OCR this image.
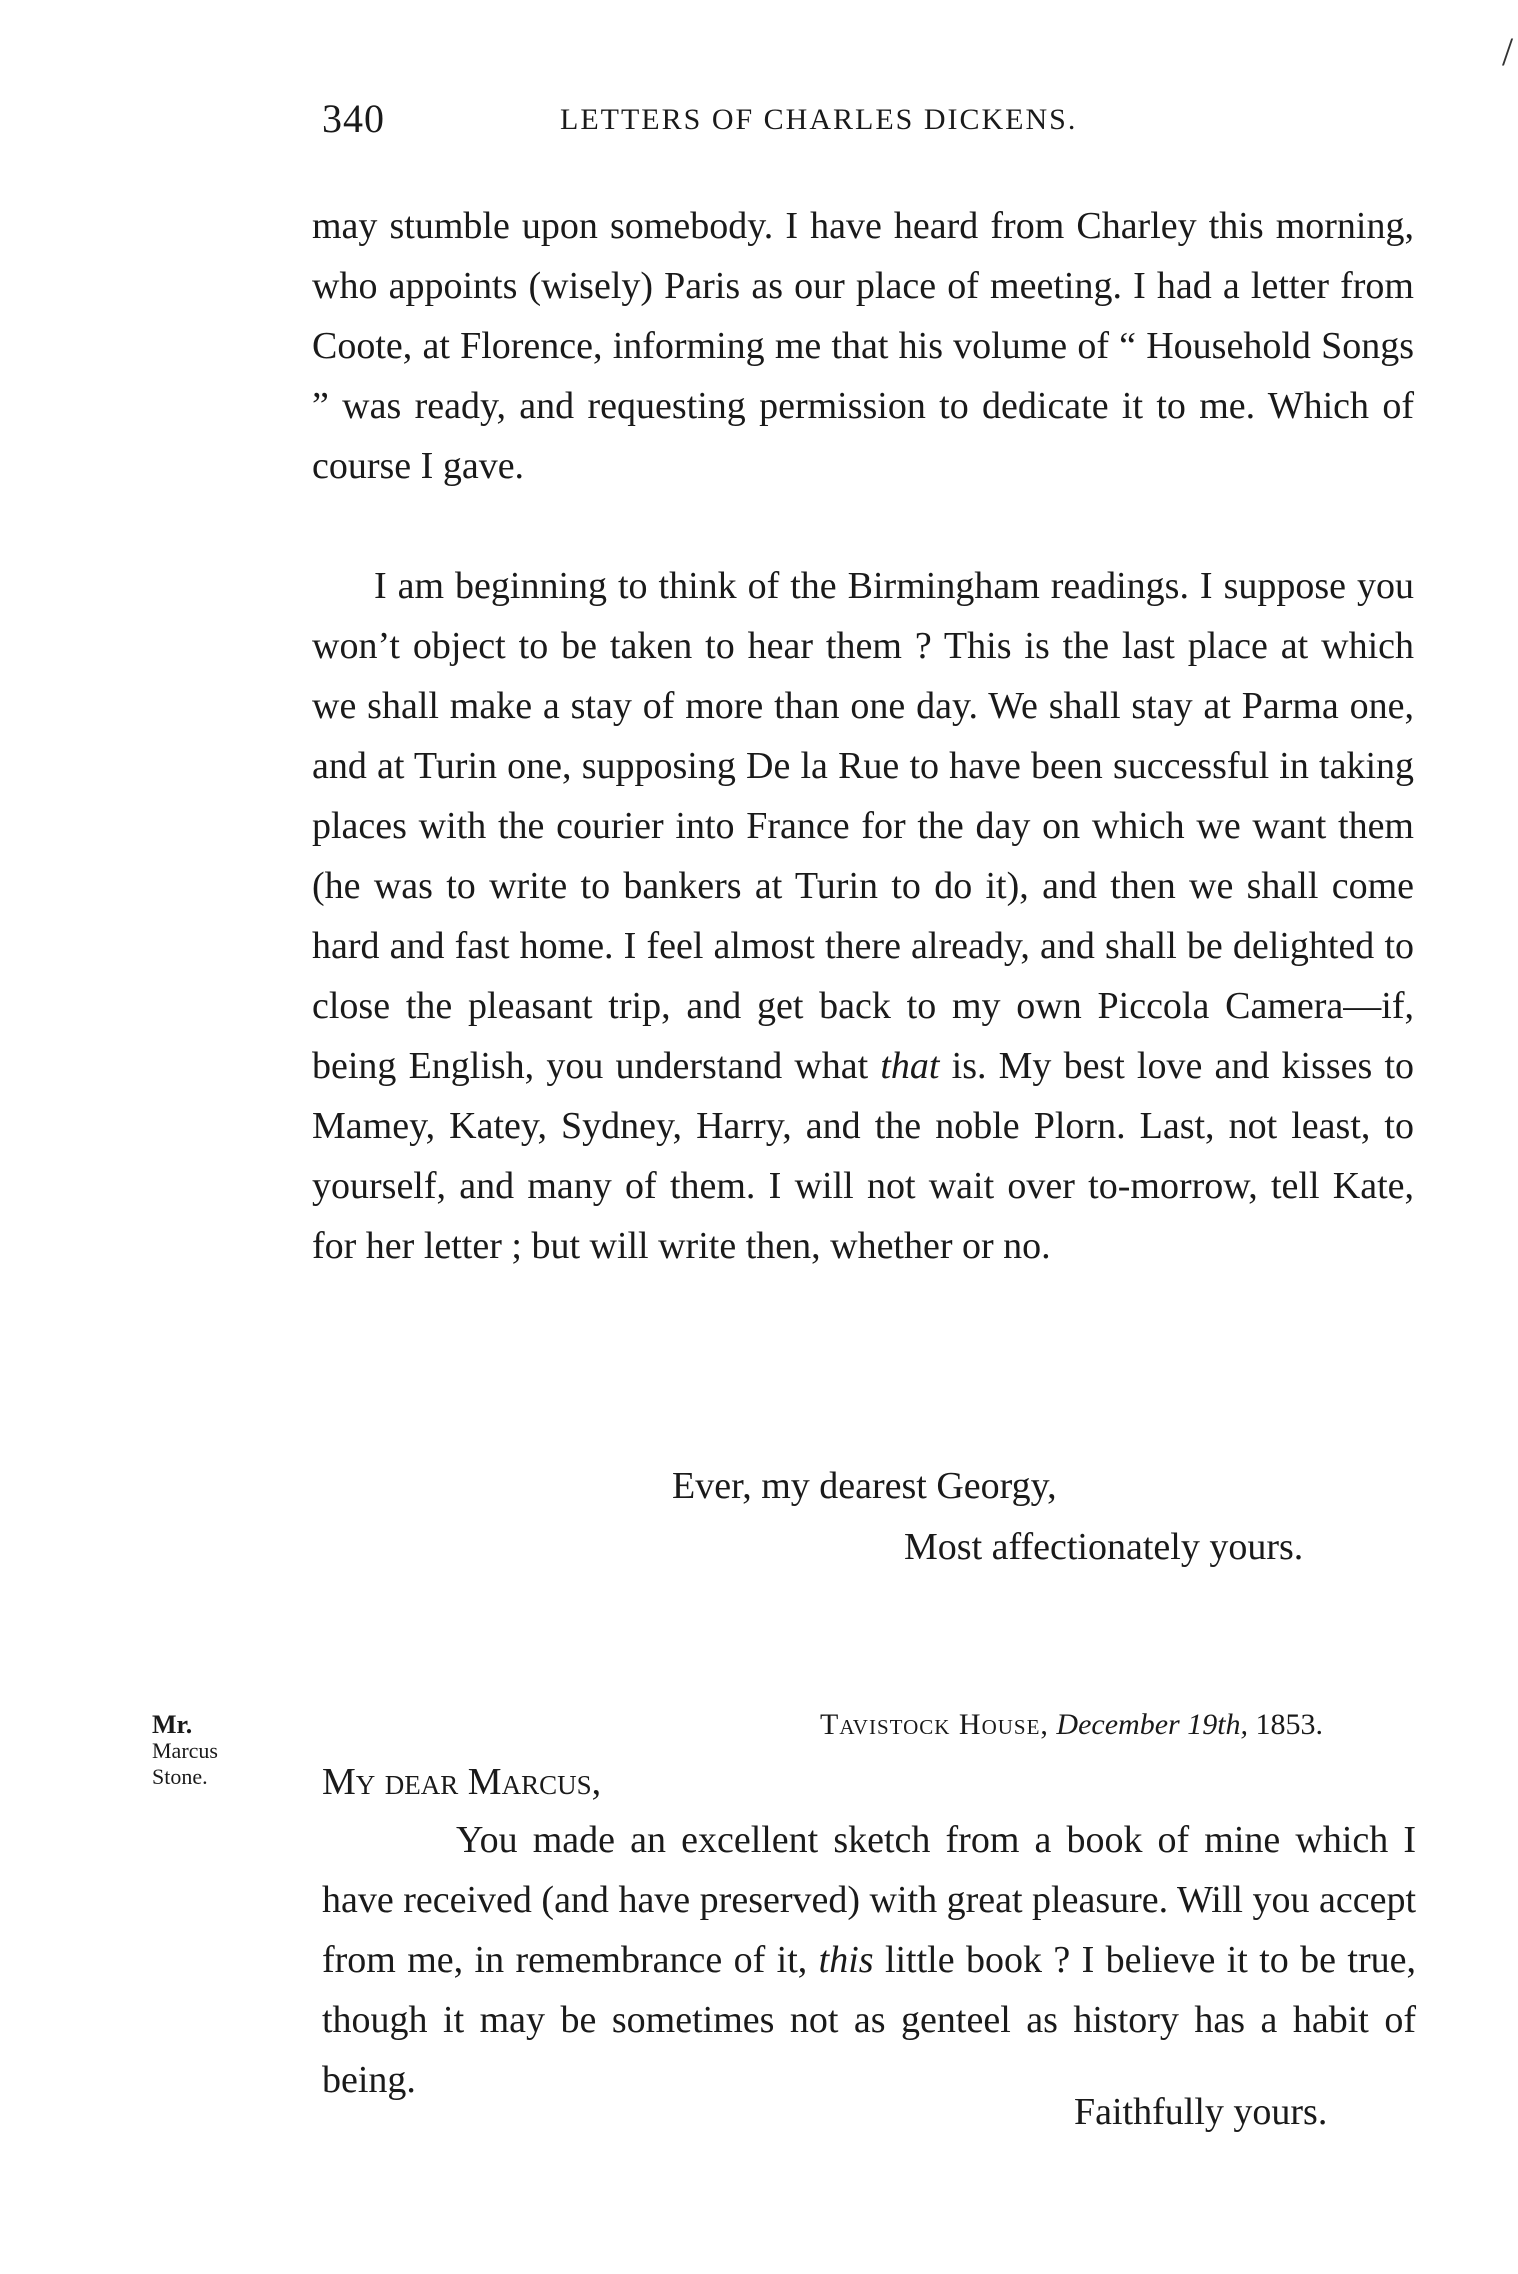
/
340	LETTERS OF CHARLES DICKENS.

may stumble upon somebody. I have heard from Charley this morning, who appoints (wisely) Paris as our place of meeting. I had a letter from Coote, at Florence, informing me that his volume of “ Household Songs ” was ready, and requesting permission to dedicate it to me. Which of course I gave.

I am beginning to think of the Birmingham readings. I suppose you won’t object to be taken to hear them ? This is the last place at which we shall make a stay of more than one day. We shall stay at Parma one, and at Turin one, supposing De la Rue to have been successful in taking places with the courier into France for the day on which we want them (he was to write to bankers at Turin to do it), and then we shall come hard and fast home. I feel almost there already, and shall be delighted to close the pleasant trip, and get back to my own Piccola Camera—if, being English, you understand what that is. My best love and kisses to Mamey, Katey, Sydney, Harry, and the noble Plorn. Last, not least, to yourself, and many of them. I will not wait over to-morrow, tell Kate, for her letter ; but will write then, whether or no.

Ever, my dearest Georgy,
Most affectionately yours.
Mr.
Marcus
Stone.
Tavistock House, December 19th, 1853.
My dear Marcus,

You made an excellent sketch from a book of mine which I have received (and have preserved) with great pleasure. Will you accept from me, in remembrance of it, this little book ? I believe it to be true, though it may be sometimes not as genteel as history has a habit of being.

Faithfully yours.
